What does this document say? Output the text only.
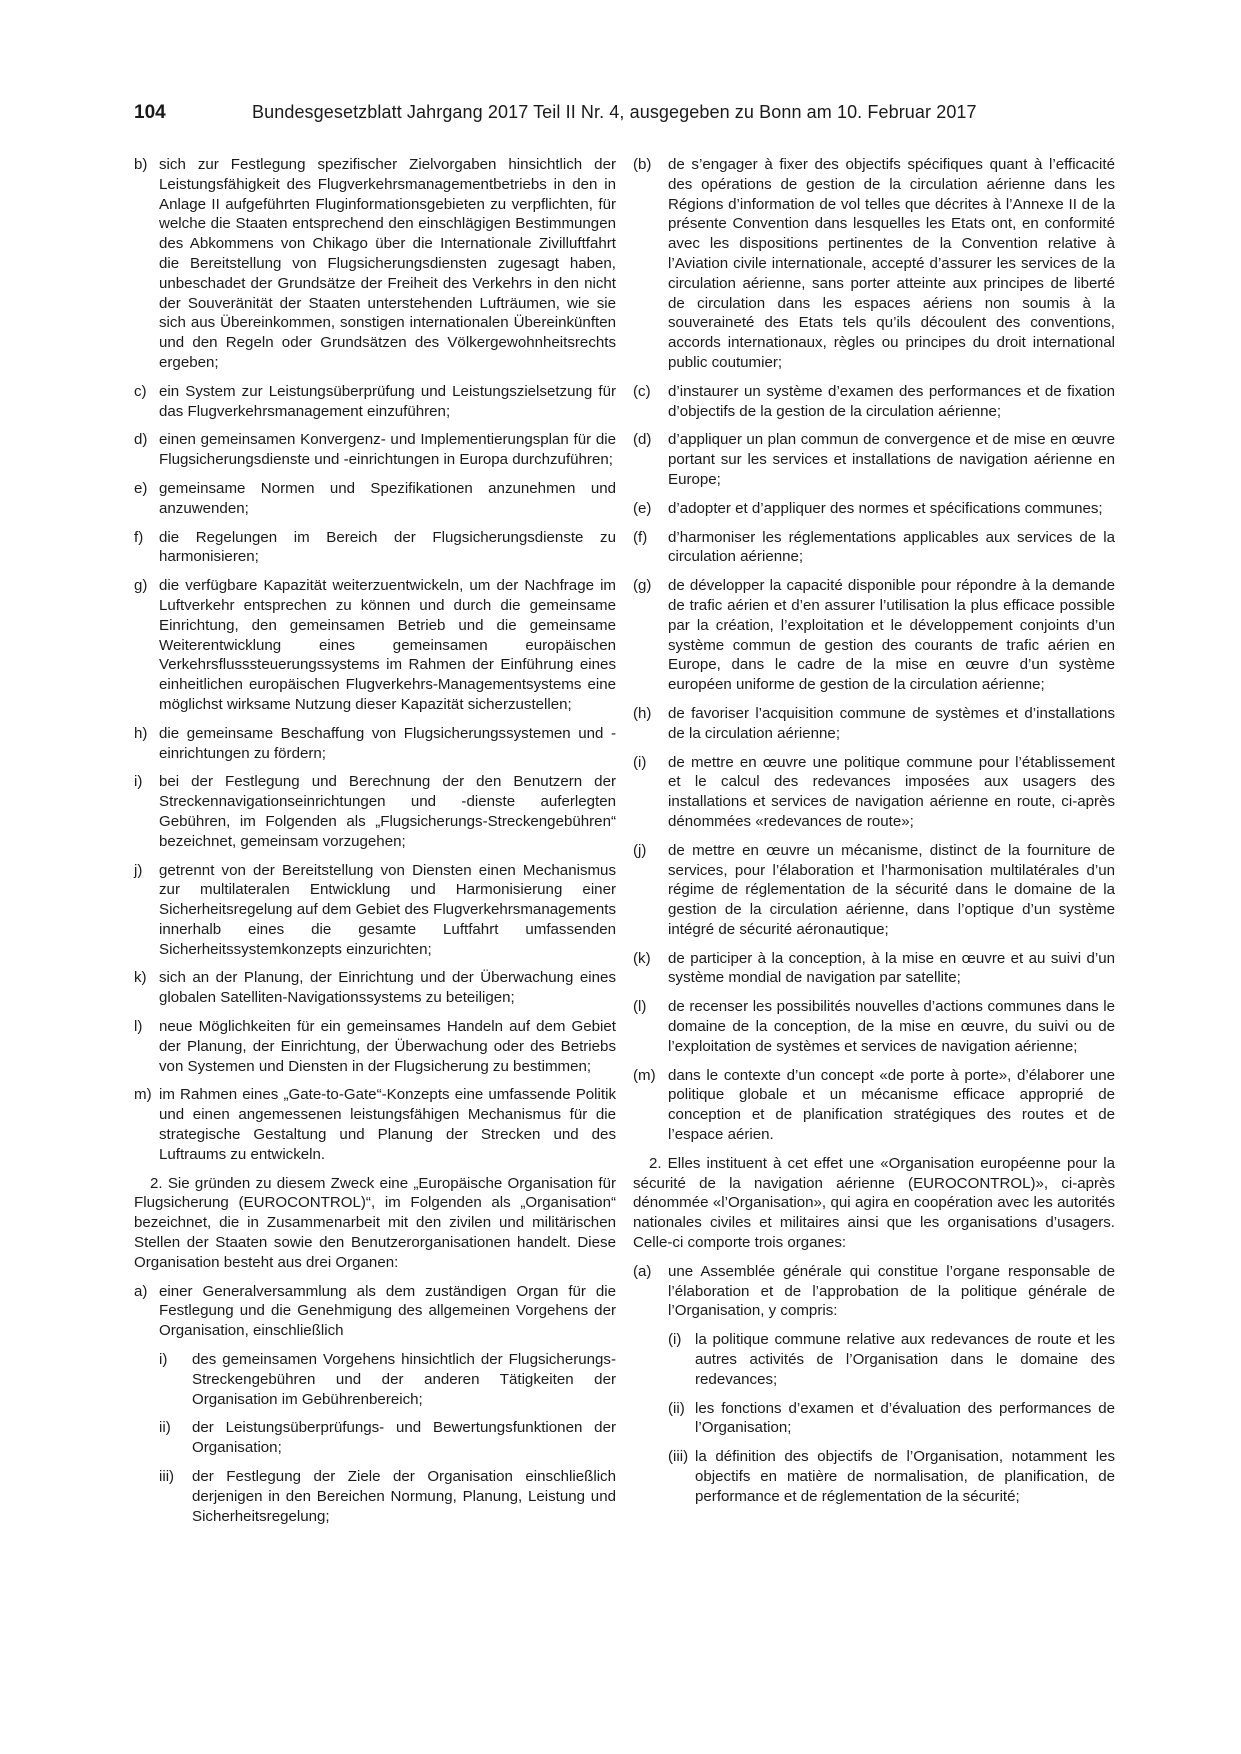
104	Bundesgesetzblatt Jahrgang 2017 Teil II Nr. 4, ausgegeben zu Bonn am 10. Februar 2017
b) sich zur Festlegung spezifischer Zielvorgaben hinsichtlich der Leistungsfähigkeit des Flugverkehrsmanagementbetriebs in den in Anlage II aufgeführten Fluginformationsgebieten zu verpflichten, für welche die Staaten entsprechend den einschlägigen Bestimmungen des Abkommens von Chikago über die Internationale Zivilluftfahrt die Bereitstellung von Flugsicherungsdiensten zugesagt haben, unbeschadet der Grundsätze der Freiheit des Verkehrs in den nicht der Souveränität der Staaten unterstehenden Lufträumen, wie sie sich aus Übereinkommen, sonstigen internationalen Übereinkünften und den Regeln oder Grundsätzen des Völkergewohnheitsrechts ergeben;
c) ein System zur Leistungsüberprüfung und Leistungszielsetzung für das Flugverkehrsmanagement einzuführen;
d) einen gemeinsamen Konvergenz- und Implementierungsplan für die Flugsicherungsdienste und -einrichtungen in Europa durchzuführen;
e) gemeinsame Normen und Spezifikationen anzunehmen und anzuwenden;
f)	die Regelungen im Bereich der Flugsicherungsdienste zu harmonisieren;
g) die verfügbare Kapazität weiterzuentwickeln, um der Nachfrage im Luftverkehr entsprechen zu können und durch die gemeinsame Einrichtung, den gemeinsamen Betrieb und die gemeinsame Weiterentwicklung eines gemeinsamen europäischen Verkehrsflusssteuerungssystems im Rahmen der Einführung eines einheitlichen europäischen Flugverkehrs-Managementsystems eine möglichst wirksame Nutzung dieser Kapazität sicherzustellen;
h) die gemeinsame Beschaffung von Flugsicherungssystemen und -einrichtungen zu fördern;
i)	bei der Festlegung und Berechnung der den Benutzern der Streckennavigationseinrichtungen und -dienste auferlegten Gebühren, im Folgenden als „Flugsicherungs-Streckengebühren“ bezeichnet, gemeinsam vorzugehen;
j)	getrennt von der Bereitstellung von Diensten einen Mechanismus zur multilateralen Entwicklung und Harmonisierung einer Sicherheitsregelung auf dem Gebiet des Flugverkehrsmanagements innerhalb eines die gesamte Luftfahrt umfassenden Sicherheitssystemkonzepts einzurichten;
k) sich an der Planung, der Einrichtung und der Überwachung eines globalen Satelliten-Navigationssystems zu beteiligen;
l)	neue Möglichkeiten für ein gemeinsames Handeln auf dem Gebiet der Planung, der Einrichtung, der Überwachung oder des Betriebs von Systemen und Diensten in der Flugsicherung zu bestimmen;
m) im Rahmen eines „Gate-to-Gate“-Konzepts eine umfassende Politik und einen angemessenen leistungsfähigen Mechanismus für die strategische Gestaltung und Planung der Strecken und des Luftraums zu entwickeln.
2. Sie gründen zu diesem Zweck eine „Europäische Organisation für Flugsicherung (EUROCONTROL)“, im Folgenden als „Organisation“ bezeichnet, die in Zusammenarbeit mit den zivilen und militärischen Stellen der Staaten sowie den Benutzerorganisationen handelt. Diese Organisation besteht aus drei Organen:
a) einer Generalversammlung als dem zuständigen Organ für die Festlegung und die Genehmigung des allgemeinen Vorgehens der Organisation, einschließlich
i)	des gemeinsamen Vorgehens hinsichtlich der Flugsicherungs-Streckengebühren und der anderen Tätigkeiten der Organisation im Gebührenbereich;
ii)	der Leistungsüberprüfungs- und Bewertungsfunktionen der Organisation;
iii)	der Festlegung der Ziele der Organisation einschließlich derjenigen in den Bereichen Normung, Planung, Leistung und Sicherheitsregelung;
(b)	de s’engager à fixer des objectifs spécifiques quant à l’efficacité des opérations de gestion de la circulation aérienne dans les Régions d’information de vol telles que décrites à l’Annexe II de la présente Convention dans lesquelles les Etats ont, en conformité avec les dispositions pertinentes de la Convention relative à l’Aviation civile internationale, accepté d’assurer les services de la circulation aérienne, sans porter atteinte aux principes de liberté de circulation dans les espaces aériens non soumis à la souveraineté des Etats tels qu’ils découlent des conventions, accords internationaux, règles ou principes du droit international public coutumier;
(c)	d’instaurer un système d’examen des performances et de fixation d’objectifs de la gestion de la circulation aérienne;
(d)	d’appliquer un plan commun de convergence et de mise en œuvre portant sur les services et installations de navigation aérienne en Europe;
(e)	d’adopter et d’appliquer des normes et spécifications communes;
(f)	d’harmoniser les réglementations applicables aux services de la circulation aérienne;
(g)	de développer la capacité disponible pour répondre à la demande de trafic aérien et d’en assurer l’utilisation la plus efficace possible par la création, l’exploitation et le développement conjoints d’un système commun de gestion des courants de trafic aérien en Europe, dans le cadre de la mise en œuvre d’un système européen uniforme de gestion de la circulation aérienne;
(h)	de favoriser l’acquisition commune de systèmes et d’installations de la circulation aérienne;
(i)	de mettre en œuvre une politique commune pour l’établissement et le calcul des redevances imposées aux usagers des installations et services de navigation aérienne en route, ci-après dénommées «redevances de route»;
(j)	de mettre en œuvre un mécanisme, distinct de la fourniture de services, pour l’élaboration et l’harmonisation multilatérales d’un régime de réglementation de la sécurité dans le domaine de la gestion de la circulation aérienne, dans l’optique d’un système intégré de sécurité aéronautique;
(k)	de participer à la conception, à la mise en œuvre et au suivi d’un système mondial de navigation par satellite;
(l)	de recenser les possibilités nouvelles d’actions communes dans le domaine de la conception, de la mise en œuvre, du suivi ou de l’exploitation de systèmes et services de navigation aérienne;
(m) dans le contexte d’un concept «de porte à porte», d’élaborer une politique globale et un mécanisme efficace approprié de conception et de planification stratégiques des routes et de l’espace aérien.
2. Elles instituent à cet effet une «Organisation européenne pour la sécurité de la navigation aérienne (EUROCONTROL)», ci-après dénommée «l’Organisation», qui agira en coopération avec les autorités nationales civiles et militaires ainsi que les organisations d’usagers. Celle-ci comporte trois organes:
(a)	une Assemblée générale qui constitue l’organe responsable de l’élaboration et de l’approbation de la politique générale de l’Organisation, y compris:
(i) la politique commune relative aux redevances de route et les autres activités de l’Organisation dans le domaine des redevances;
(ii) les fonctions d’examen et d’évaluation des performances de l’Organisation;
(iii) la définition des objectifs de l’Organisation, notamment les objectifs en matière de normalisation, de planification, de performance et de réglementation de la sécurité;
